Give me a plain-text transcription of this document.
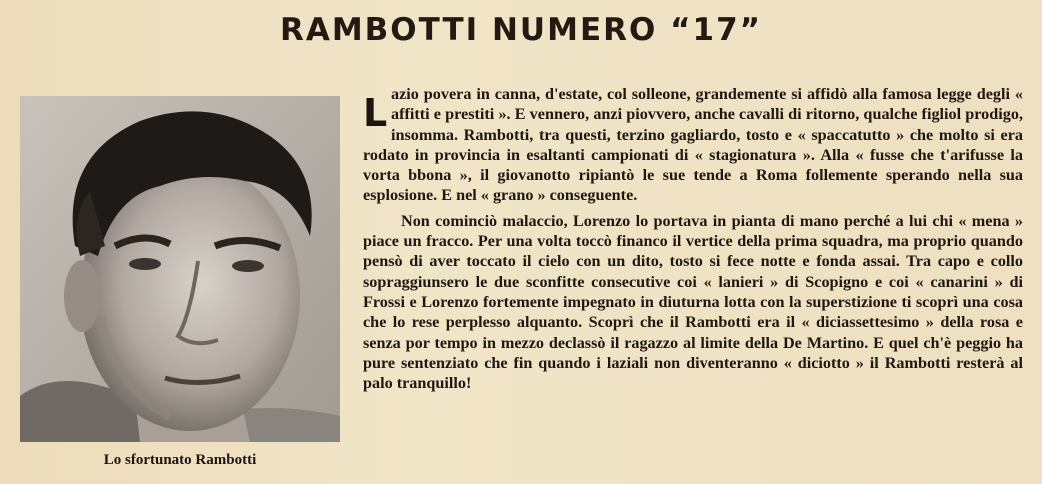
RAMBOTTI NUMERO “17”
Lo sfortunato Rambotti

Lazio povera in canna, d'estate, col solleone, grandemente si affidò alla famosa legge degli « affitti e prestiti ». E vennero, anzi piovvero, anche cavalli di ritorno, qualche figliol prodigo, insomma. Rambotti, tra questi, terzino gagliardo, tosto e « spaccatutto » che molto si era rodato in provincia in esaltanti campionati di « stagionatura ». Alla « fusse che t'arifusse la vorta bbona », il giovanotto ripiantò le sue tende a Roma follemente sperando nella sua esplosione. E nel « grano » conseguente.

Non cominciò malaccio, Lorenzo lo portava in pianta di mano perché a lui chi « mena » piace un fracco. Per una volta toccò financo il vertice della prima squadra, ma proprio quando pensò di aver toccato il cielo con un dito, tosto si fece notte e fonda assai. Tra capo e collo sopraggiunsero le due sconfitte consecutive coi « lanieri » di Scopigno e coi « canarini » di Frossi e Lorenzo fortemente impegnato in diuturna lotta con la superstizione ti scoprì una cosa che lo rese perplesso alquanto. Scoprì che il Rambotti era il « diciassettesimo » della rosa e senza por tempo in mezzo declassò il ragazzo al limite della De Martino. E quel ch'è peggio ha pure sentenziato che fin quando i laziali non diventeranno « diciotto » il Rambotti resterà al palo tranquillo!
